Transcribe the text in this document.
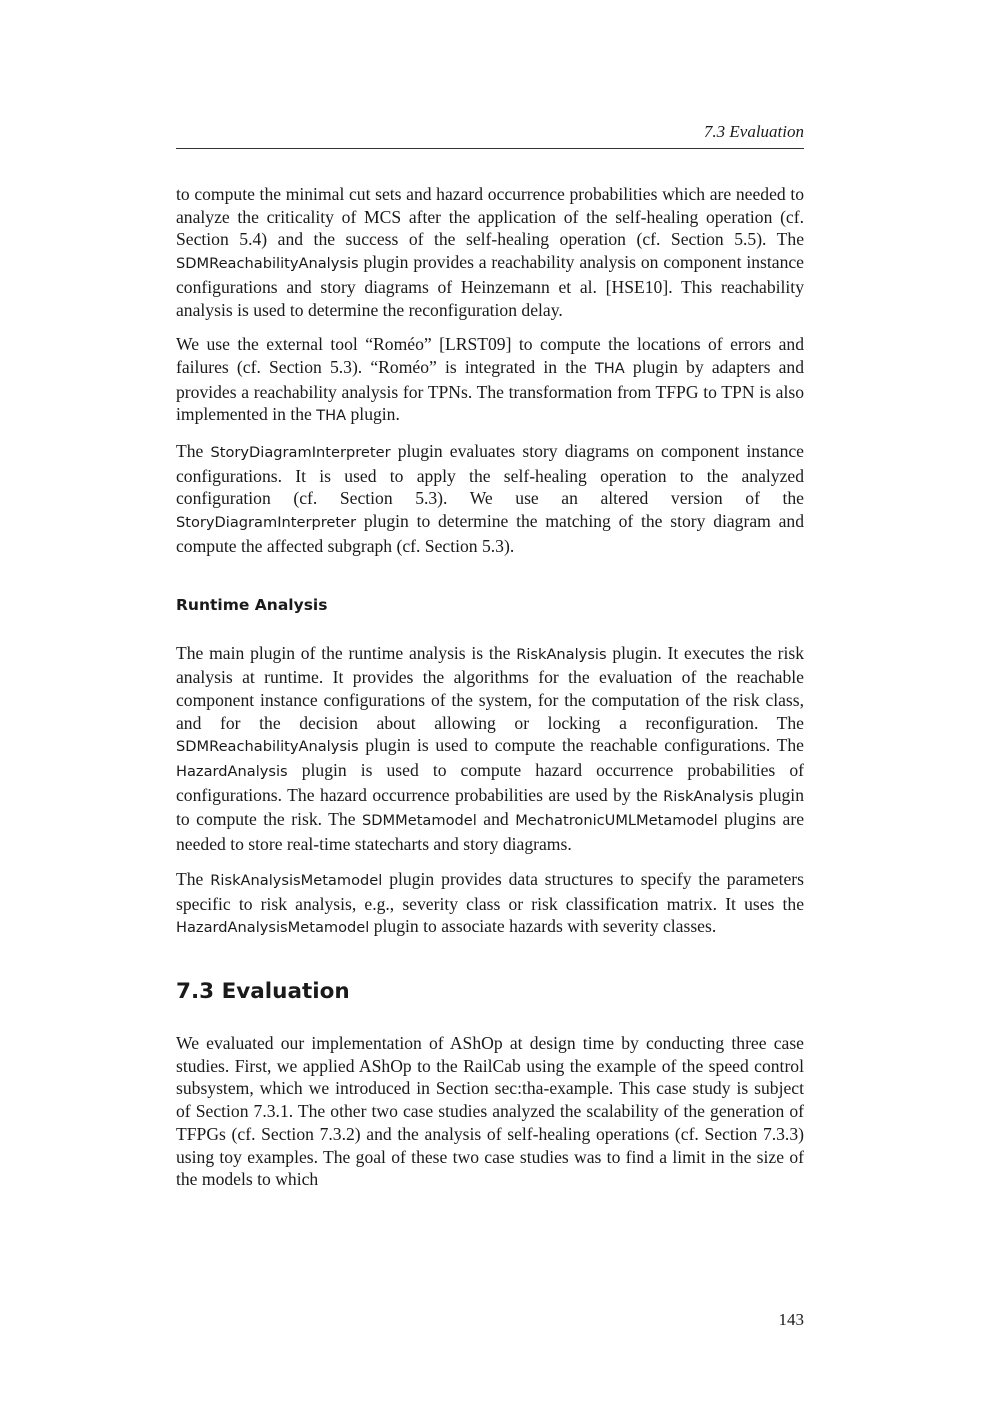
7.3 Evaluation

to compute the minimal cut sets and hazard occurrence probabilities which are needed to analyze the criticality of MCS after the application of the self-healing operation (cf. Section 5.4) and the success of the self-healing operation (cf. Section 5.5). The SDMReachabilityAnalysis plugin provides a reachability analysis on component instance configurations and story diagrams of Heinzemann et al. [HSE10]. This reachability analysis is used to determine the reconfiguration delay.

We use the external tool “Roméo” [LRST09] to compute the locations of errors and failures (cf. Section 5.3). “Roméo” is integrated in the THA plugin by adapters and provides a reachability analysis for TPNs. The transformation from TFPG to TPN is also implemented in the THA plugin.

The StoryDiagramInterpreter plugin evaluates story diagrams on component instance configurations. It is used to apply the self-healing operation to the analyzed configuration (cf. Section 5.3). We use an altered version of the StoryDiagramInterpreter plugin to determine the matching of the story diagram and compute the affected subgraph (cf. Section 5.3).

Runtime Analysis

The main plugin of the runtime analysis is the RiskAnalysis plugin. It executes the risk analysis at runtime. It provides the algorithms for the evaluation of the reachable component instance configurations of the system, for the computation of the risk class, and for the decision about allowing or locking a reconfiguration. The SDMReachabilityAnalysis plugin is used to compute the reachable configurations. The HazardAnalysis plugin is used to compute hazard occurrence probabilities of configurations. The hazard occurrence probabilities are used by the RiskAnalysis plugin to compute the risk. The SDMMetamodel and MechatronicUMLMetamodel plugins are needed to store real-time statecharts and story diagrams.

The RiskAnalysisMetamodel plugin provides data structures to specify the parameters specific to risk analysis, e.g., severity class or risk classification matrix. It uses the HazardAnalysisMetamodel plugin to associate hazards with severity classes.

7.3 Evaluation

We evaluated our implementation of AShOp at design time by conducting three case studies. First, we applied AShOp to the RailCab using the example of the speed control subsystem, which we introduced in Section sec:tha-example. This case study is subject of Section 7.3.1. The other two case studies analyzed the scalability of the generation of TFPGs (cf. Section 7.3.2) and the analysis of self-healing operations (cf. Section 7.3.3) using toy examples. The goal of these two case studies was to find a limit in the size of the models to which

143
